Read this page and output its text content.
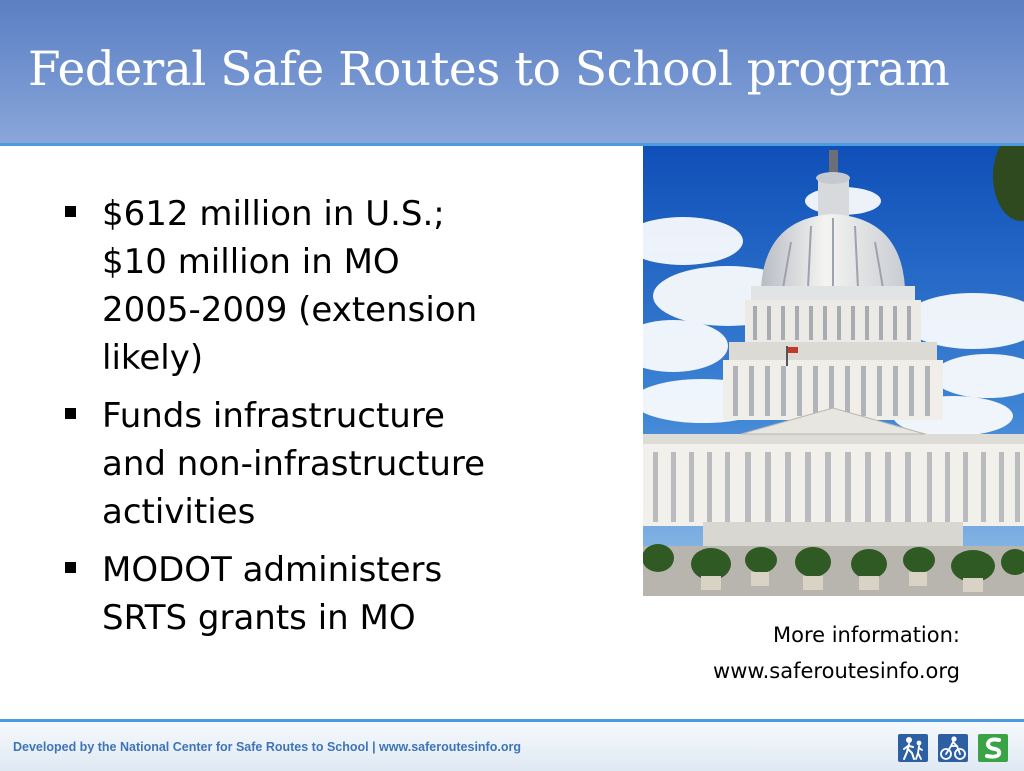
Federal Safe Routes to School program
$612 million in U.S.;
$10 million in MO
2005-2009 (extension
likely)
Funds infrastructure
and non-infrastructure
activities
MODOT administers
SRTS grants in MO	More information:
www.saferoutesinfo.org
Developed by the National Center for Safe Routes to School | www.saferoutesinfo.org
